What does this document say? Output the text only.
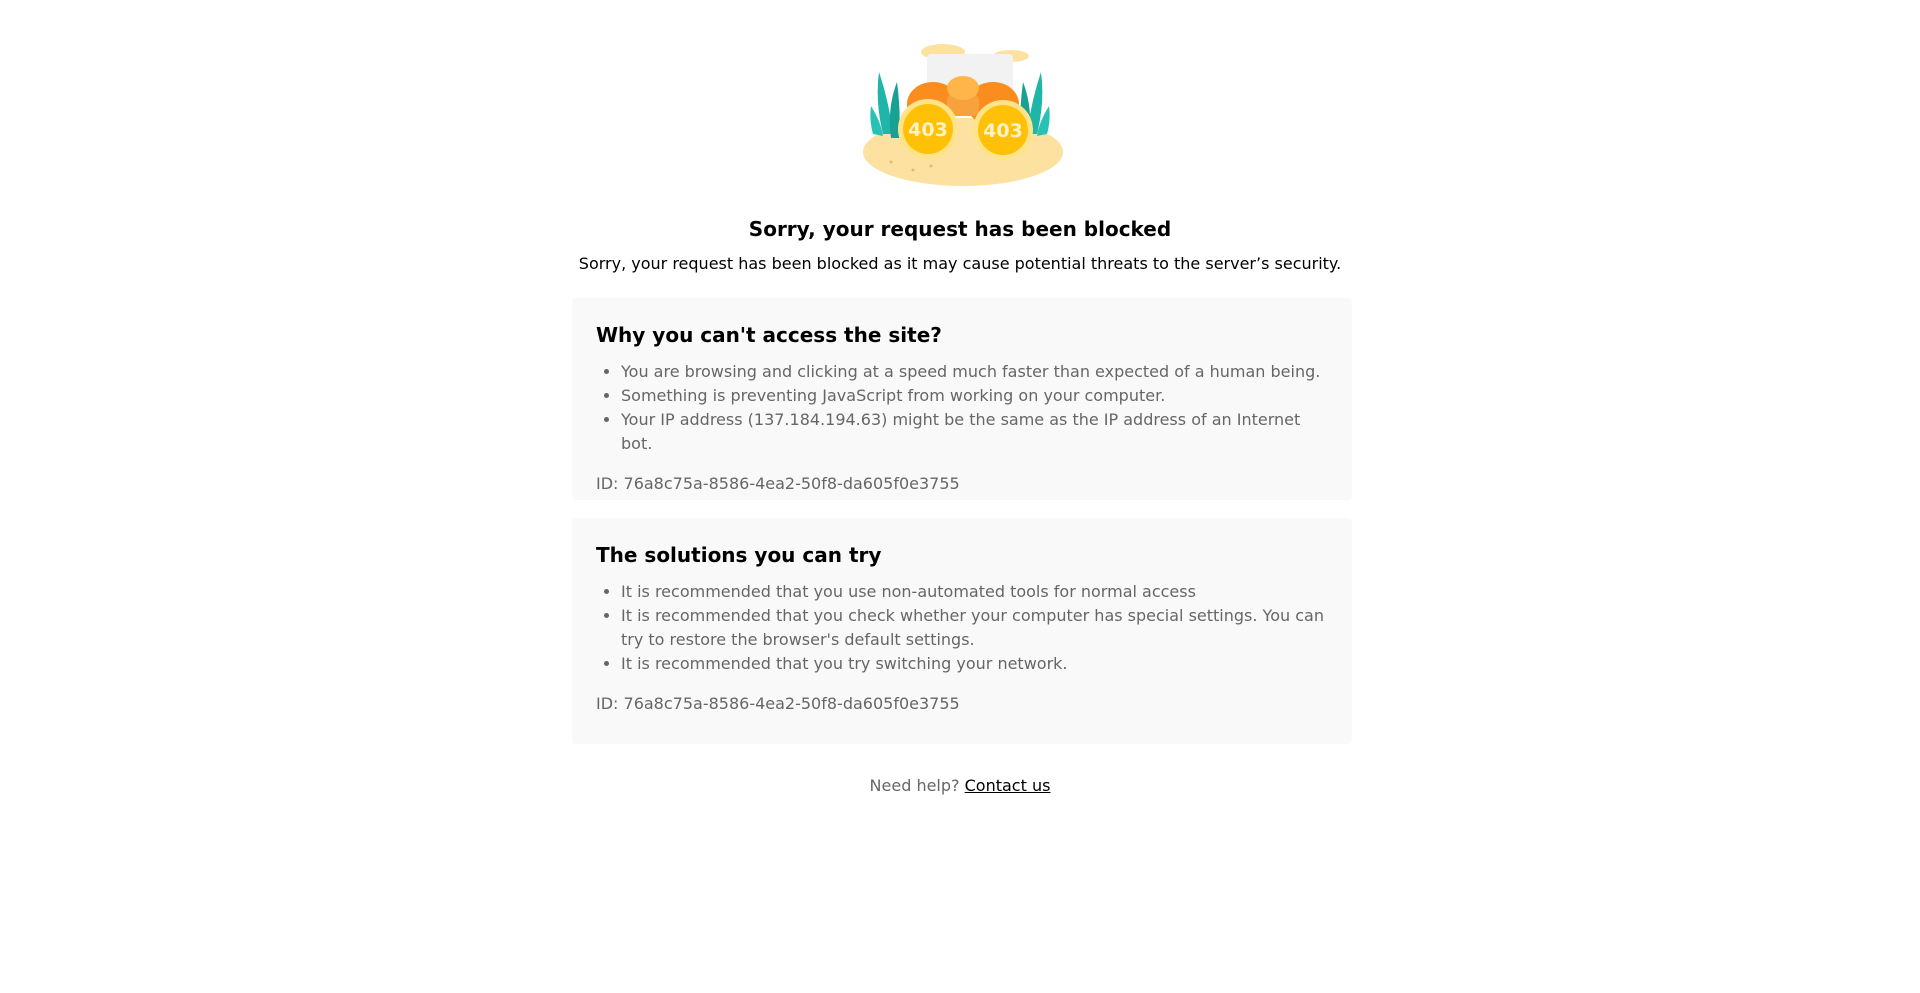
403 403
Sorry, your request has been blocked

Sorry, your request has been blocked as it may cause potential threats to the server’s security.

Why you can't access the site?
• You are browsing and clicking at a speed much faster than expected of a human being.
• Something is preventing JavaScript from working on your computer.
• Your IP address (137.184.194.63) might be the same as the IP address of an Internet bot.
ID: 76a8c75a-8586-4ea2-50f8-da605f0e3755
The solutions you can try
• It is recommended that you use non-automated tools for normal access
• It is recommended that you check whether your computer has special settings. You can try to restore the browser's default settings.
• It is recommended that you try switching your network.
ID: 76a8c75a-8586-4ea2-50f8-da605f0e3755
Need help? Contact us
